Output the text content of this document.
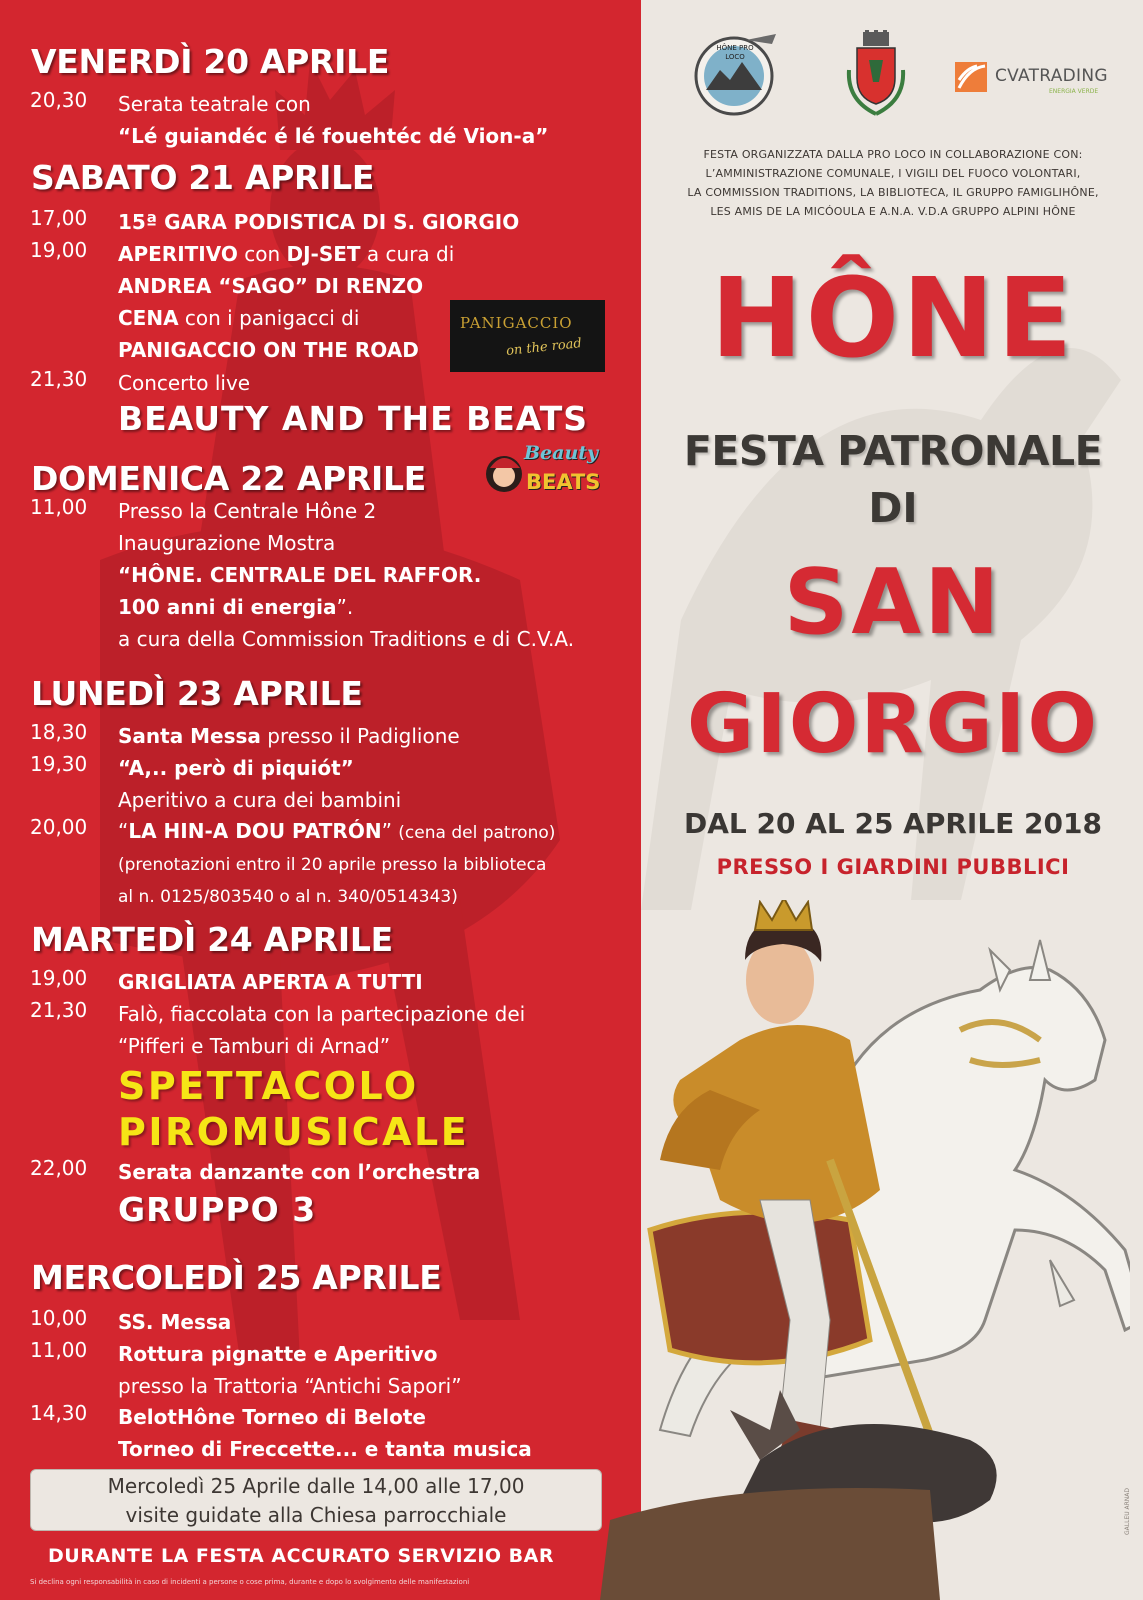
VENERDÌ 20 APRILE
20,30 Serata teatrale con
“Lé guiandéc é lé fouehtéc dé Vion-a”
SABATO 21 APRILE
17,00 15ª GARA PODISTICA DI S. GIORGIO
19,00 APERITIVO con DJ-SET a cura di
ANDREA “SAGO” DI RENZO
CENA con i panigacci di
PANIGACCIO ON THE ROAD
PANIGACCIO
on the road
21,30 Concerto live
BEAUTY AND THE BEATS
DOMENICA 22 APRILE
Beauty
BEATS
11,00 Presso la Centrale Hône 2
Inaugurazione Mostra
“HÔNE. CENTRALE DEL RAFFOR.
100 anni di energia”.
a cura della Commission Traditions e di C.V.A.
LUNEDÌ 23 APRILE
18,30 Santa Messa presso il Padiglione
19,30 “A,.. però di piquiót”
Aperitivo a cura dei bambini
20,00 “LA HIN-A DOU PATRÓN” (cena del patrono)
(prenotazioni entro il 20 aprile presso la biblioteca
al n. 0125/803540 o al n. 340/0514343)
MARTEDÌ 24 APRILE
19,00 GRIGLIATA APERTA A TUTTI
21,30 Falò, fiaccolata con la partecipazione dei
“Pifferi e Tamburi di Arnad”
SPETTACOLO
PIROMUSICALE
22,00 Serata danzante con l’orchestra
GRUPPO 3
MERCOLEDÌ 25 APRILE
10,00 SS. Messa
11,00 Rottura pignatte e Aperitivo
presso la Trattoria “Antichi Sapori”
14,30 BelotHône Torneo di Belote
Torneo di Freccette... e tanta musica
Mercoledì 25 Aprile dalle 14,00 alle 17,00
visite guidate alla Chiesa parrocchiale
DURANTE LA FESTA ACCURATO SERVIZIO BAR
Si declina ogni responsabilità in caso di incidenti a persone o cose prima, durante e dopo lo svolgimento delle manifestazioni
HÔNE PRO LOCO
CVATRADING
ENERGIA VERDE
FESTA ORGANIZZATA DALLA PRO LOCO IN COLLABORAZIONE CON:
L’AMMINISTRAZIONE COMUNALE, I VIGILI DEL FUOCO VOLONTARI,
LA COMMISSION TRADITIONS, LA BIBLIOTECA, IL GRUPPO FAMIGLIHÔNE,
LES AMIS DE LA MICÓOULA E A.N.A. V.D.A GRUPPO ALPINI HÔNE
HÔNE
FESTA PATRONALE
DI
SAN
GIORGIO
DAL 20 AL 25 APRILE 2018
PRESSO I GIARDINI PUBBLICI
GALLEU ARNAD
